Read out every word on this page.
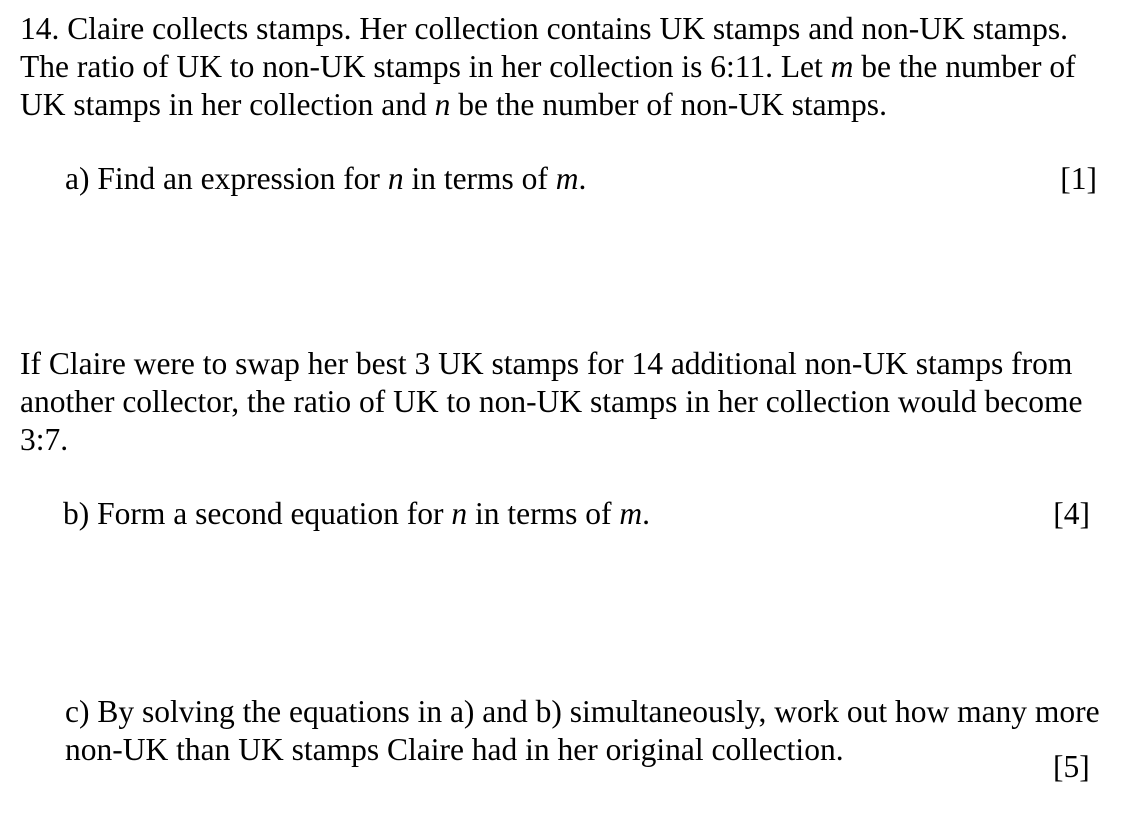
14. Claire collects stamps. Her collection contains UK stamps and non-UK stamps. The ratio of UK to non-UK stamps in her collection is 6:11. Let m be the number of UK stamps in her collection and n be the number of non-UK stamps.

a) Find an expression for n in terms of m.	[1]

If Claire were to swap her best 3 UK stamps for 14 additional non-UK stamps from another collector, the ratio of UK to non-UK stamps in her collection would become 3:7.

b) Form a second equation for n in terms of m.	[4]

c) By solving the equations in a) and b) simultaneously, work out how many more non-UK than UK stamps Claire had in her original collection.	[5]
